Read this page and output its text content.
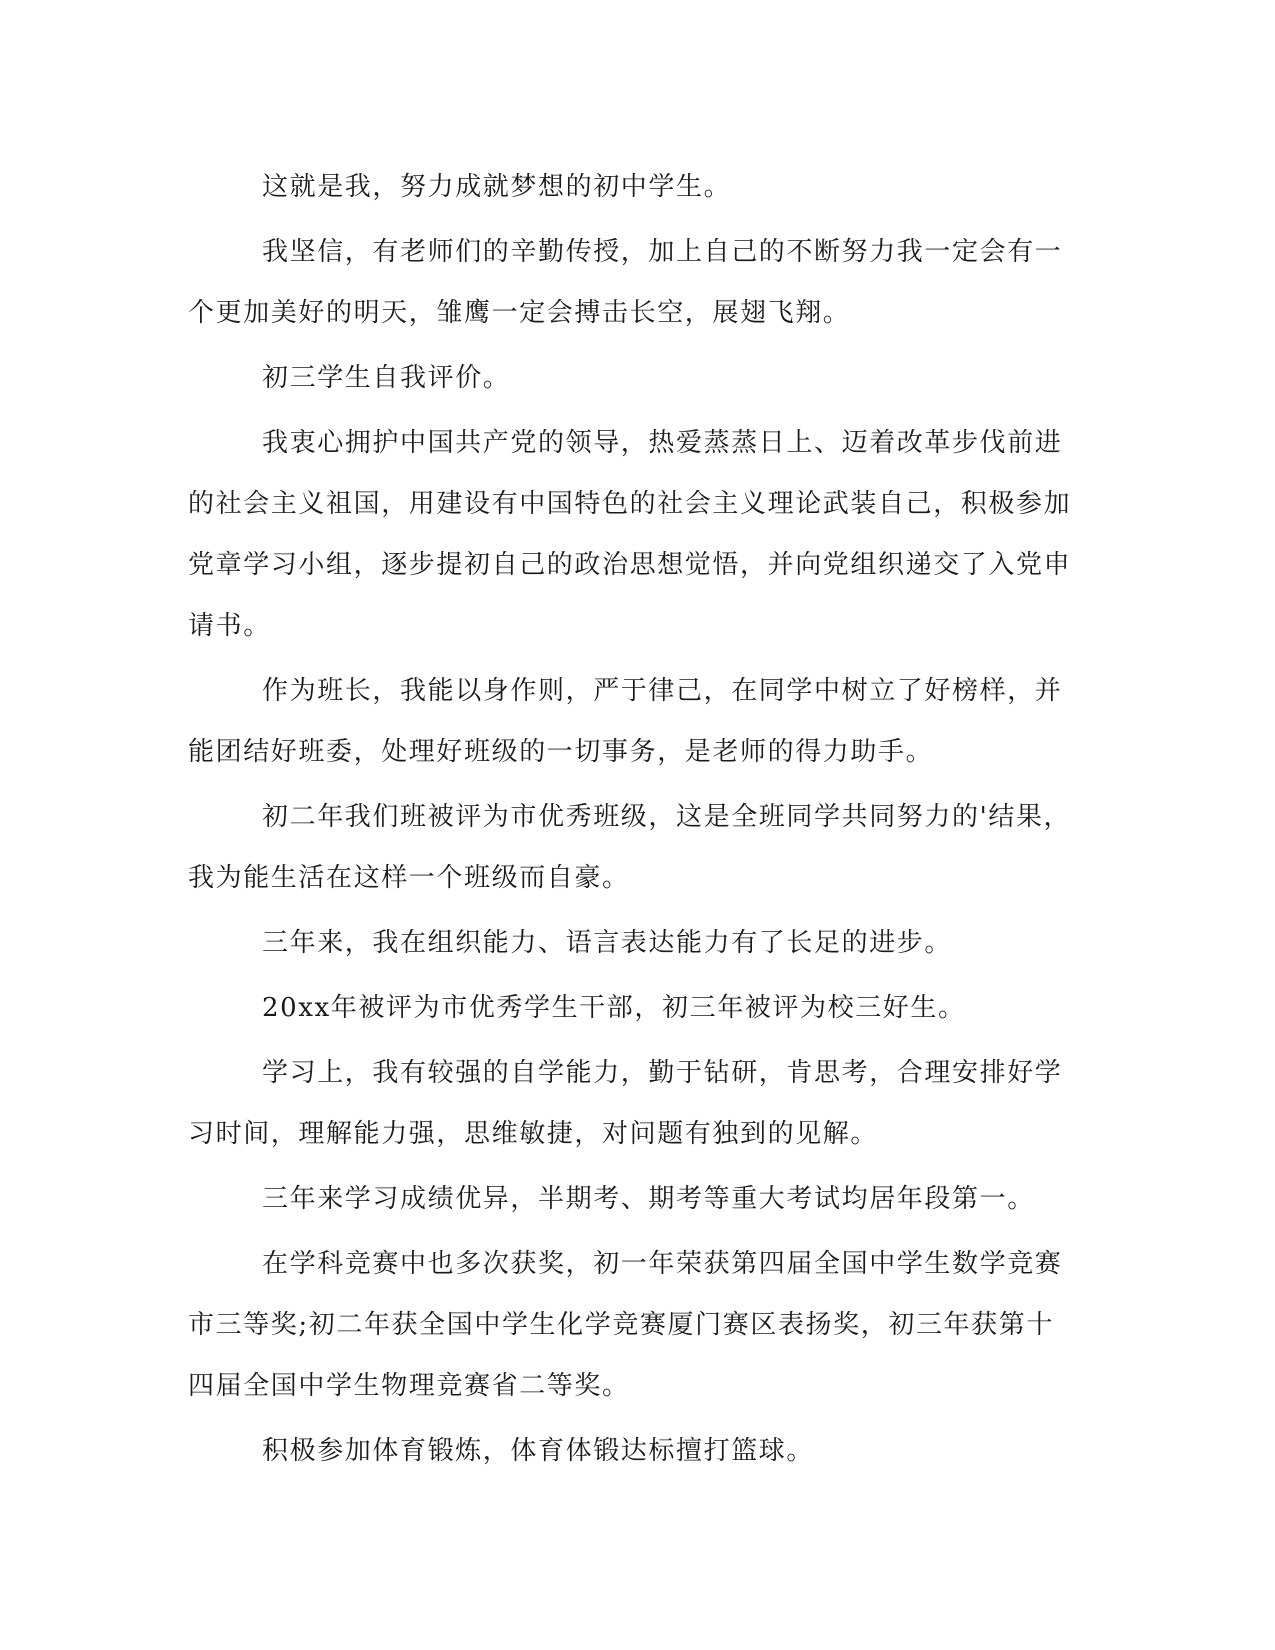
这就是我，努力成就梦想的初中学生。

我坚信，有老师们的辛勤传授，加上自己的不断努力我一定会有一个更加美好的明天，雏鹰一定会搏击长空，展翅飞翔。

初三学生自我评价。

我衷心拥护中国共产党的领导，热爱蒸蒸日上、迈着改革步伐前进的社会主义祖国，用建设有中国特色的社会主义理论武装自己，积极参加党章学习小组，逐步提初自己的政治思想觉悟，并向党组织递交了入党申请书。

作为班长，我能以身作则，严于律己，在同学中树立了好榜样，并能团结好班委，处理好班级的一切事务，是老师的得力助手。

初二年我们班被评为市优秀班级，这是全班同学共同努力的'结果，我为能生活在这样一个班级而自豪。

三年来，我在组织能力、语言表达能力有了长足的进步。

20xx年被评为市优秀学生干部，初三年被评为校三好生。

学习上，我有较强的自学能力，勤于钻研，肯思考，合理安排好学习时间，理解能力强，思维敏捷，对问题有独到的见解。

三年来学习成绩优异，半期考、期考等重大考试均居年段第一。

在学科竞赛中也多次获奖，初一年荣获第四届全国中学生数学竞赛市三等奖;初二年获全国中学生化学竞赛厦门赛区表扬奖，初三年获第十四届全国中学生物理竞赛省二等奖。

积极参加体育锻炼，体育体锻达标擅打篮球。
